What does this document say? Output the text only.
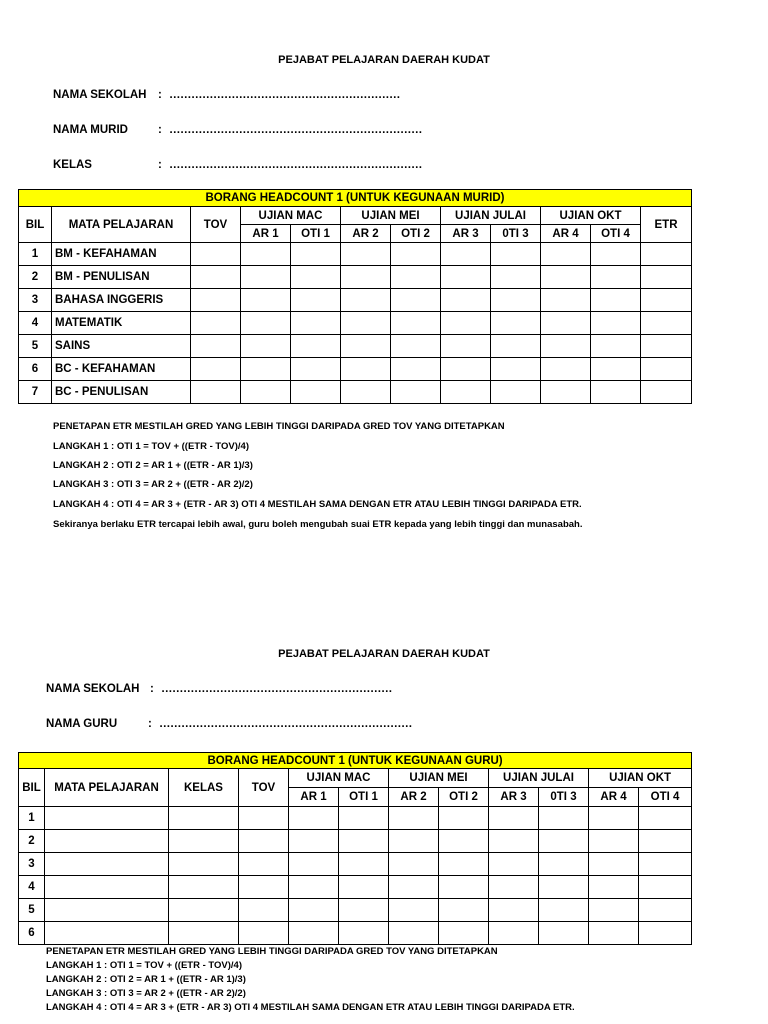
PEJABAT PELAJARAN DAERAH KUDAT
NAMA SEKOLAH : ………………………………………………………
NAMA MURID	: ……………………………………………………………
KELAS	: ……………………………………………………………
BORANG HEADCOUNT 1 (UNTUK KEGUNAAN MURID)											
BIL	MATA PELAJARAN	TOV	UJIAN MAC		UJIAN MEI		UJIAN JULAI		UJIAN OKT		ETR
			AR 1	OTI 1	AR 2	OTI 2	AR 3	0TI 3	AR 4	OTI 4	
1	BM - KEFAHAMAN										
2	BM - PENULISAN										
3	BAHASA INGGERIS										
4	MATEMATIK										
5	SAINS										
6	BC - KEFAHAMAN										
7	BC - PENULISAN										
PENETAPAN ETR MESTILAH GRED YANG LEBIH TINGGI DARIPADA GRED TOV YANG DITETAPKAN
LANGKAH 1 : OTI 1 = TOV + ((ETR - TOV)/4)
LANGKAH 2 : OTI 2 = AR 1 + ((ETR - AR 1)/3)
LANGKAH 3 : OTI 3 = AR 2 + ((ETR - AR 2)/2)
LANGKAH 4 : OTI 4 = AR 3 + (ETR - AR 3) OTI 4 MESTILAH SAMA DENGAN ETR ATAU LEBIH TINGGI DARIPADA ETR.
Sekiranya berlaku ETR tercapai lebih awal, guru boleh mengubah suai ETR kepada yang lebih tinggi dan munasabah.
PEJABAT PELAJARAN DAERAH KUDAT
NAMA SEKOLAH : ………………………………………………………
NAMA GURU	: ……………………………………………………………
BORANG HEADCOUNT 1 (UNTUK KEGUNAAN GURU)											
BIL	MATA PELAJARAN	KELAS	TOV	UJIAN MAC		UJIAN MEI		UJIAN JULAI		UJIAN OKT	
				AR 1	OTI 1	AR 2	OTI 2	AR 3	0TI 3	AR 4	OTI 4
1											
2											
3											
4											
5											
6											
PENETAPAN ETR MESTILAH GRED YANG LEBIH TINGGI DARIPADA GRED TOV YANG DITETAPKAN
LANGKAH 1 : OTI 1 = TOV + ((ETR - TOV)/4)
LANGKAH 2 : OTI 2 = AR 1 + ((ETR - AR 1)/3)
LANGKAH 3 : OTI 3 = AR 2 + ((ETR - AR 2)/2)
LANGKAH 4 : OTI 4 = AR 3 + (ETR - AR 3) OTI 4 MESTILAH SAMA DENGAN ETR ATAU LEBIH TINGGI DARIPADA ETR.
